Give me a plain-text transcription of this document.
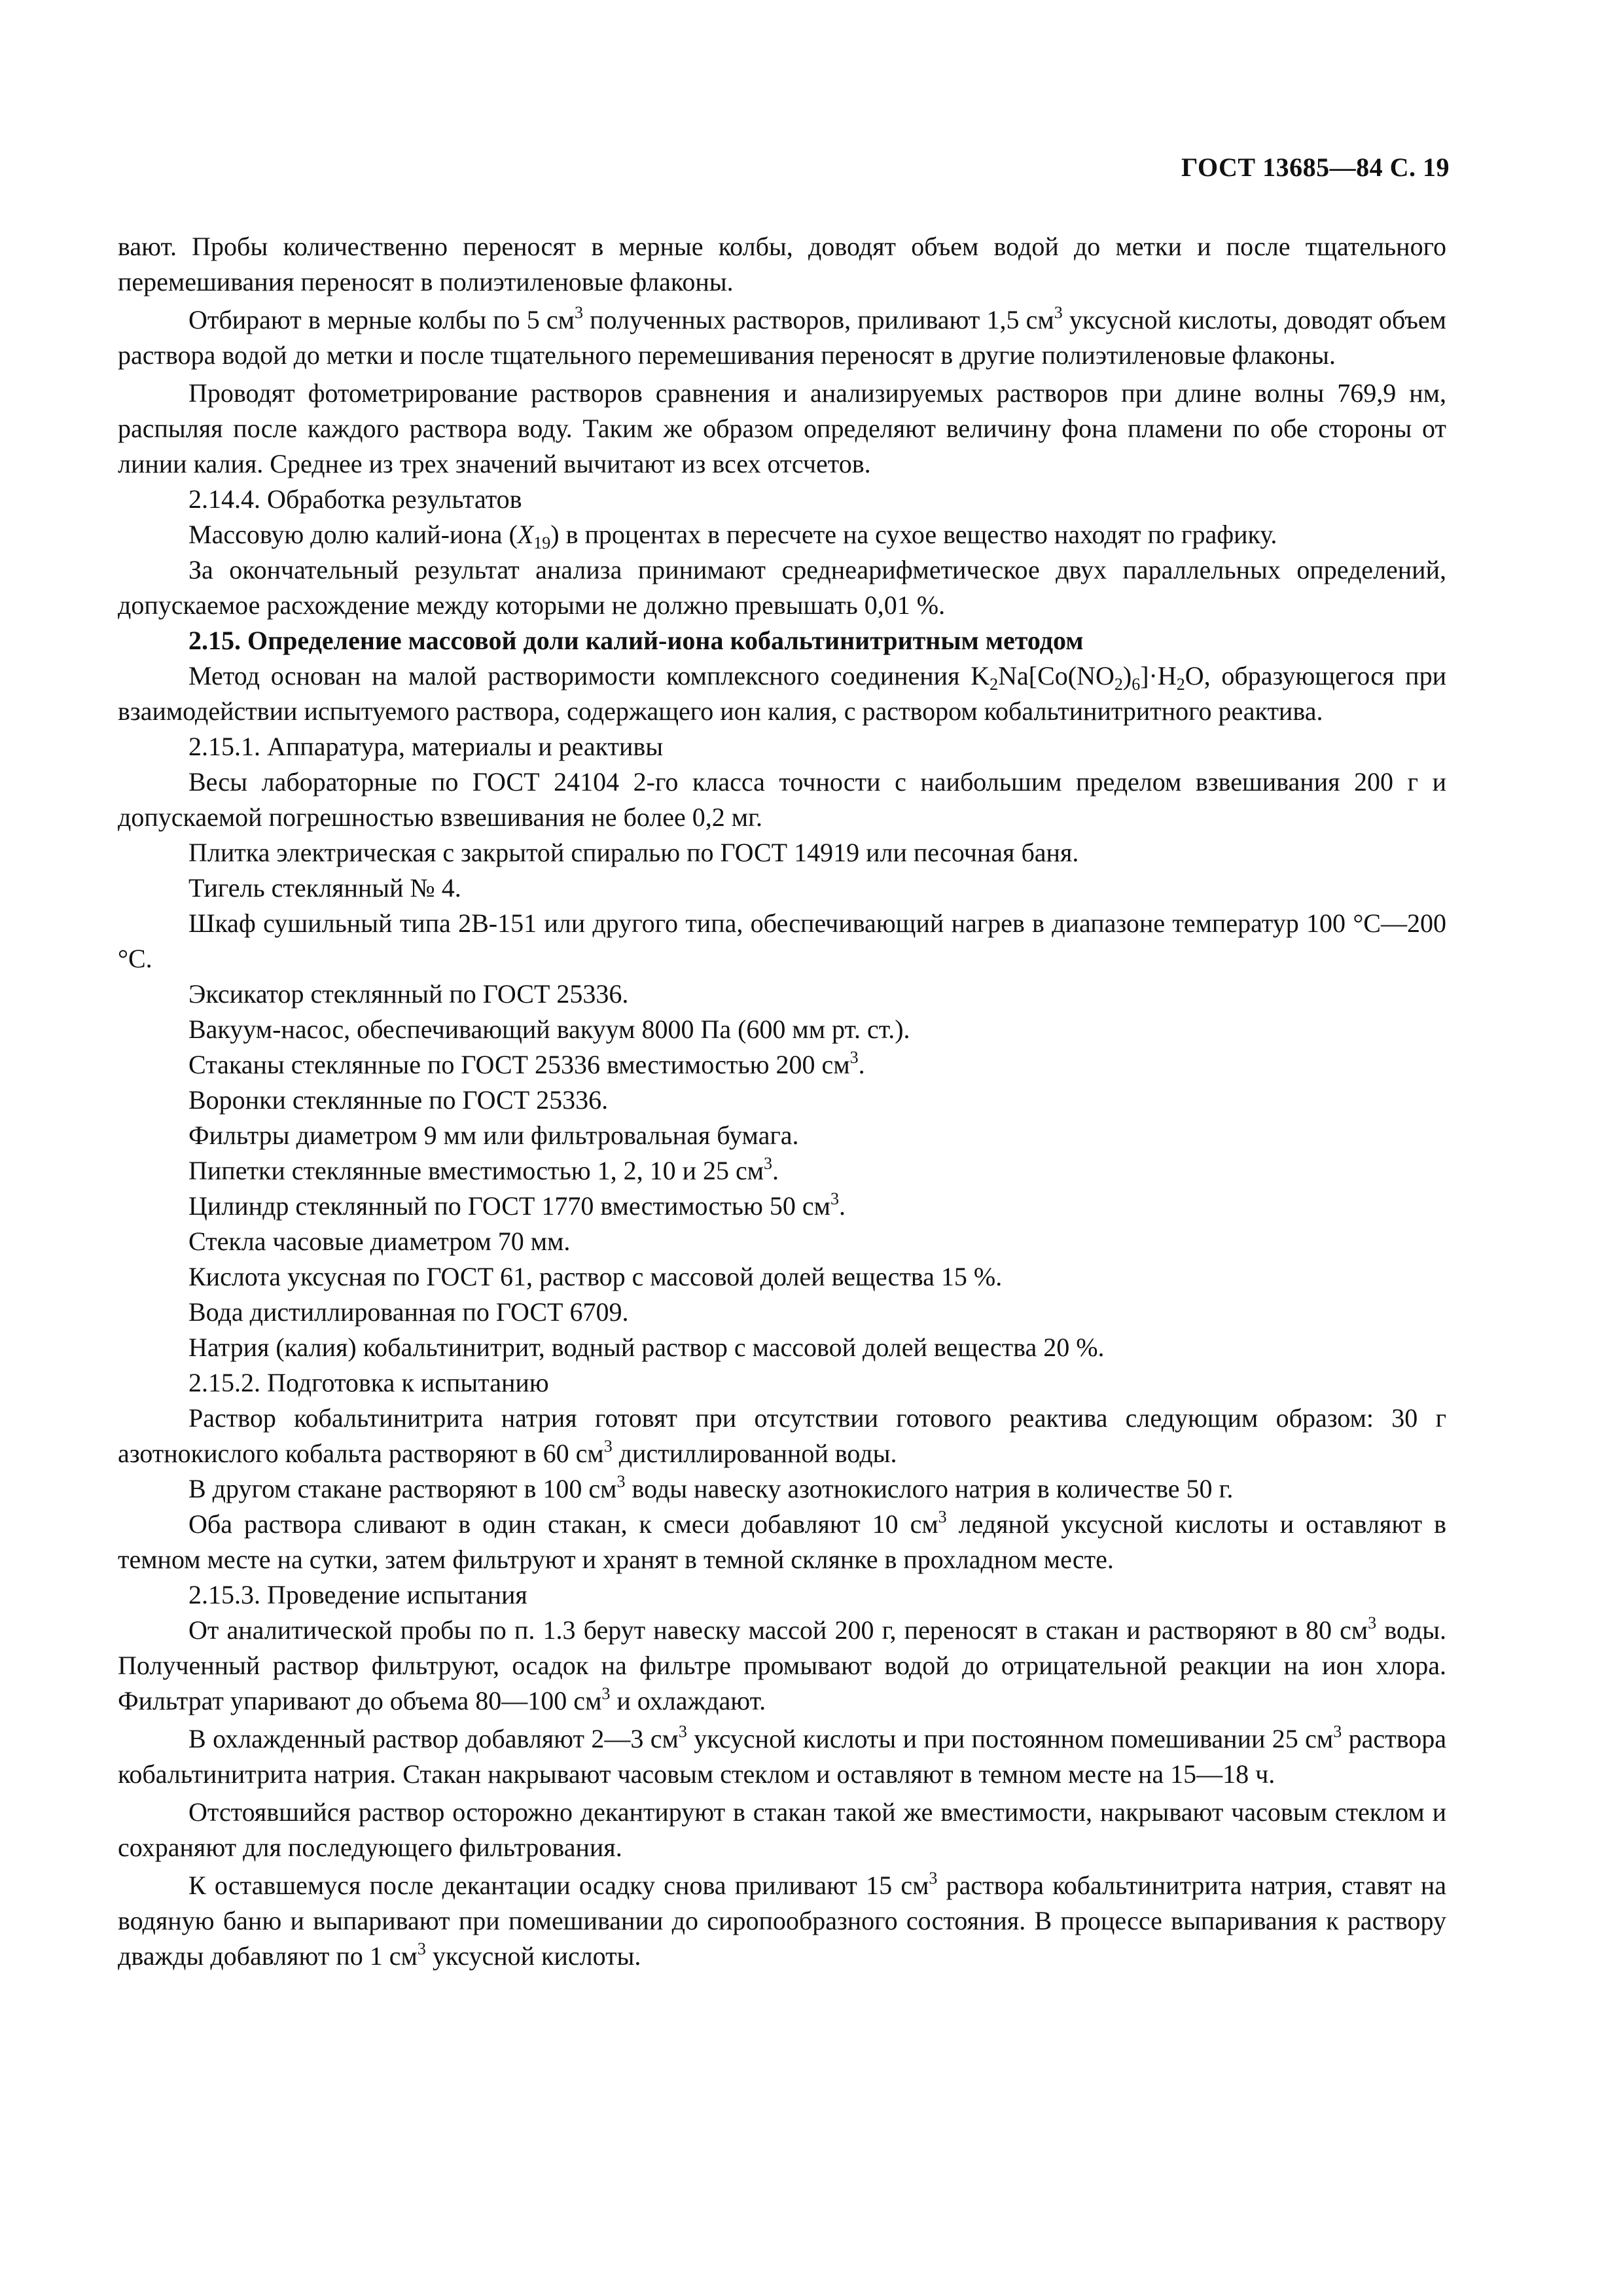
ГОСТ 13685—84 С. 19

вают. Пробы количественно переносят в мерные колбы, доводят объем водой до метки и после тщательного перемешивания переносят в полиэтиленовые флаконы.

Отбирают в мерные колбы по 5 $см^3$ полученных растворов, приливают 1,5 $см^3$ уксусной кислоты, доводят объем раствора водой до метки и после тщательного перемешивания переносят в другие полиэтиленовые флаконы.

Проводят фотометрирование растворов сравнения и анализируемых растворов при длине волны 769,9 нм, распыляя после каждого раствора воду. Таким же образом определяют величину фона пламени по обе стороны от линии калия. Среднее из трех значений вычитают из всех отсчетов.

2.14.4. Обработка результатов

Массовую долю калий-иона $(X_{19})$ в процентах в пересчете на сухое вещество находят по графику.

За окончательный результат анализа принимают среднеарифметическое двух параллельных определений, допускаемое расхождение между которыми не должно превышать 0,01 %.

2.15. Определение массовой доли калий-иона кобальтинитритным методом

Метод основан на малой растворимости комплексного соединения $K_2Na[Co(NO_2)_6]\cdot H_2O$, образующегося при взаимодействии испытуемого раствора, содержащего ион калия, с раствором кобальтинитритного реактива.

2.15.1. Аппаратура, материалы и реактивы

Весы лабораторные по ГОСТ 24104 2-го класса точности с наибольшим пределом взвешивания 200 г и допускаемой погрешностью взвешивания не более 0,2 мг.

Плитка электрическая с закрытой спиралью по ГОСТ 14919 или песочная баня.

Тигель стеклянный № 4.

Шкаф сушильный типа 2В-151 или другого типа, обеспечивающий нагрев в диапазоне температур 100 °С—200 °С.

Эксикатор стеклянный по ГОСТ 25336.

Вакуум-насос, обеспечивающий вакуум 8000 Па (600 мм рт. ст.).

Стаканы стеклянные по ГОСТ 25336 вместимостью 200 $см^3$.

Воронки стеклянные по ГОСТ 25336.

Фильтры диаметром 9 мм или фильтровальная бумага.

Пипетки стеклянные вместимостью 1, 2, 10 и 25 $см^3$.

Цилиндр стеклянный по ГОСТ 1770 вместимостью 50 $см^3$.

Стекла часовые диаметром 70 мм.

Кислота уксусная по ГОСТ 61, раствор с массовой долей вещества 15 %.

Вода дистиллированная по ГОСТ 6709.

Натрия (калия) кобальтинитрит, водный раствор с массовой долей вещества 20 %.

2.15.2. Подготовка к испытанию

Раствор кобальтинитрита натрия готовят при отсутствии готового реактива следующим образом: 30 г азотнокислого кобальта растворяют в 60 $см^3$ дистиллированной воды.

В другом стакане растворяют в 100 $см^3$ воды навеску азотнокислого натрия в количестве 50 г.

Оба раствора сливают в один стакан, к смеси добавляют 10 $см^3$ ледяной уксусной кислоты и оставляют в темном месте на сутки, затем фильтруют и хранят в темной склянке в прохладном месте.

2.15.3. Проведение испытания

От аналитической пробы по п. 1.3 берут навеску массой 200 г, переносят в стакан и растворяют в 80 $см^3$ воды. Полученный раствор фильтруют, осадок на фильтре промывают водой до отрицательной реакции на ион хлора. Фильтрат упаривают до объема 80—100 $см^3$ и охлаждают.

В охлажденный раствор добавляют 2—3 $см^3$ уксусной кислоты и при постоянном помешивании 25 $см^3$ раствора кобальтинитрита натрия. Стакан накрывают часовым стеклом и оставляют в темном месте на 15—18 ч.

Отстоявшийся раствор осторожно декантируют в стакан такой же вместимости, накрывают часовым стеклом и сохраняют для последующего фильтрования.

К оставшемуся после декантации осадку снова приливают 15 $см^3$ раствора кобальтинитрита натрия, ставят на водяную баню и выпаривают при помешивании до сиропообразного состояния. В процессе выпаривания к раствору дважды добавляют по 1 $см^3$ уксусной кислоты.
